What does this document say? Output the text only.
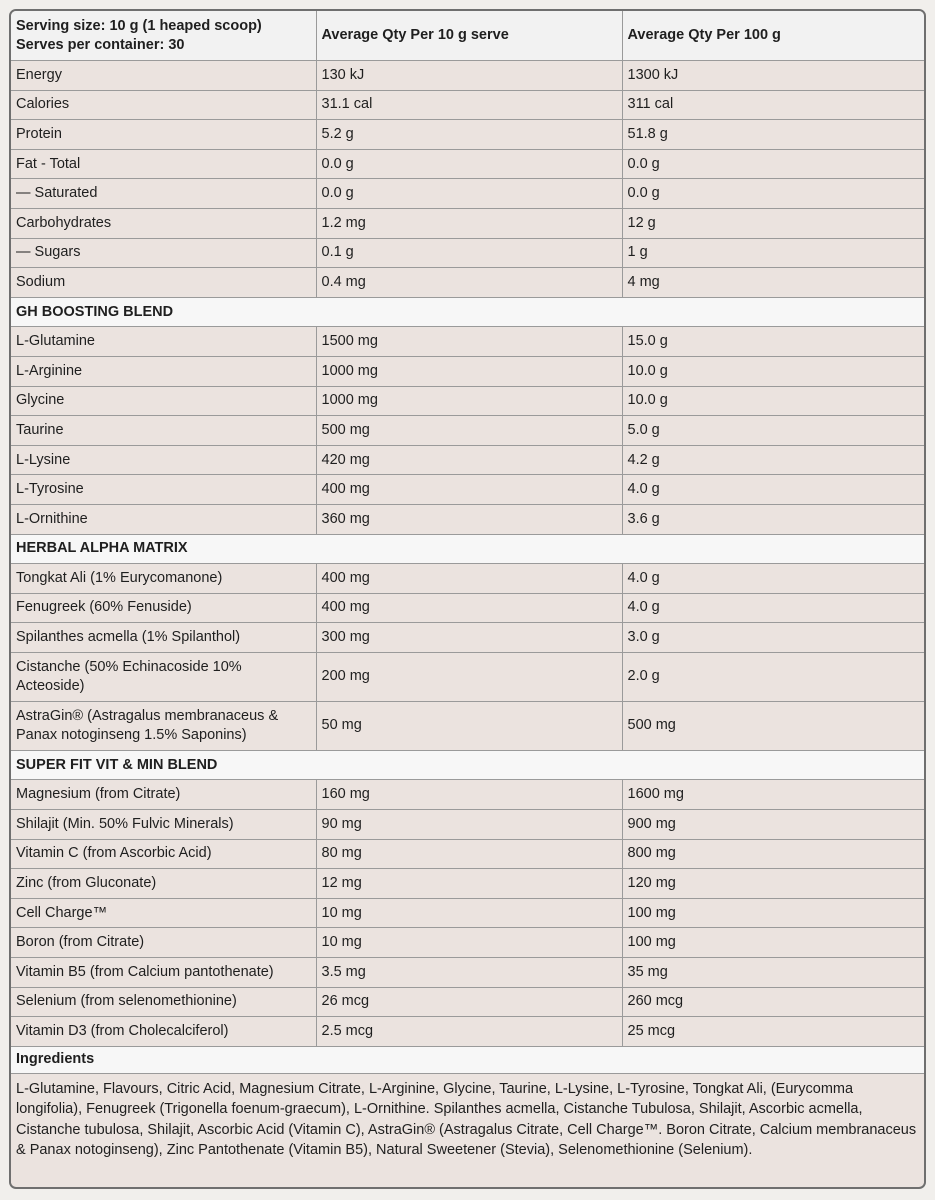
Serving size: 10 g (1 heaped scoop)
Serves per container: 30	Average Qty Per 10 g serve	Average Qty Per 100 g
Energy	130 kJ	1300 kJ
Calories	31.1 cal	311 cal
Protein	5.2 g	51.8 g
Fat - Total	0.0 g	0.0 g
— Saturated	0.0 g	0.0 g
Carbohydrates	1.2 mg	12 g
— Sugars	0.1 g	1 g
Sodium	0.4 mg	4 mg
GH BOOSTING BLEND		
L-Glutamine	1500 mg	15.0 g
L-Arginine	1000 mg	10.0 g
Glycine	1000 mg	10.0 g
Taurine	500 mg	5.0 g
L-Lysine	420 mg	4.2 g
L-Tyrosine	400 mg	4.0 g
L-Ornithine	360 mg	3.6 g
HERBAL ALPHA MATRIX		
Tongkat Ali (1% Eurycomanone)	400 mg	4.0 g
Fenugreek (60% Fenuside)	400 mg	4.0 g
Spilanthes acmella (1% Spilanthol)	300 mg	3.0 g
Cistanche (50% Echinacoside 10% Acteoside)	200 mg	2.0 g
AstraGin® (Astragalus membranaceus & Panax notoginseng 1.5% Saponins)	50 mg	500 mg
SUPER FIT VIT & MIN BLEND		
Magnesium (from Citrate)	160 mg	1600 mg
Shilajit (Min. 50% Fulvic Minerals)	90 mg	900 mg
Vitamin C (from Ascorbic Acid)	80 mg	800 mg
Zinc (from Gluconate)	12 mg	120 mg
Cell Charge™	10 mg	100 mg
Boron (from Citrate)	10 mg	100 mg
Vitamin B5 (from Calcium pantothenate)	3.5 mg	35 mg
Selenium (from selenomethionine)	26 mcg	260 mcg
Vitamin D3 (from Cholecalciferol)	2.5 mcg	25 mcg
Ingredients		
L-Glutamine, Flavours, Citric Acid, Magnesium Citrate, L-Arginine, Glycine, Taurine, L-Lysine, L-Tyrosine, Tongkat Ali, (Eurycomma longifolia), Fenugreek (Trigonella foenum-graecum), L-Ornithine. Spilanthes acmella, Cistanche Tubulosa, Shilajit, Ascorbic acmella, Cistanche tubulosa, Shilajit, Ascorbic Acid (Vitamin C), AstraGin® (Astragalus Citrate, Cell Charge™. Boron Citrate, Calcium membranaceus & Panax notoginseng), Zinc Pantothenate (Vitamin B5), Natural Sweetener (Stevia), Selenomethionine (Selenium).		
